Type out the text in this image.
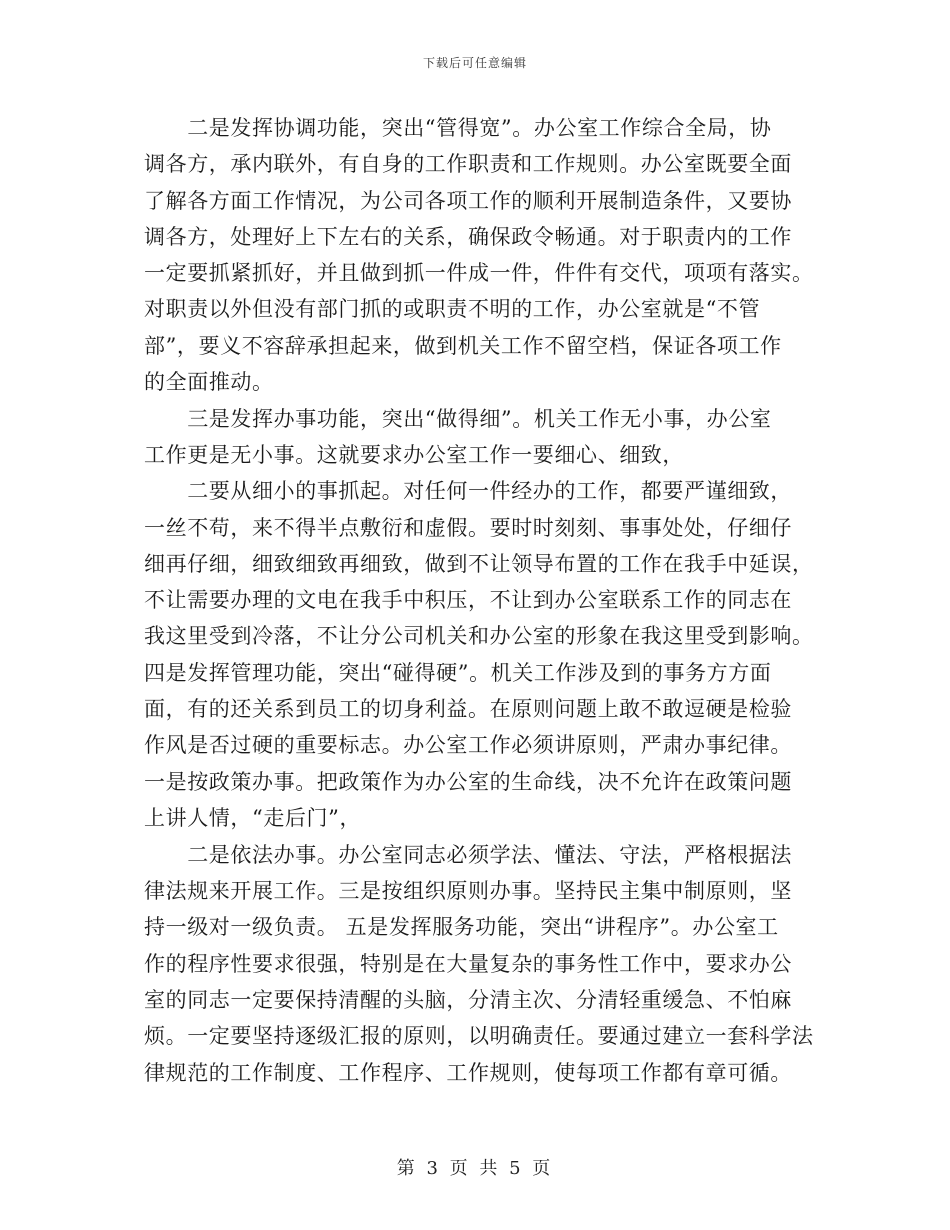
下载后可任意编辑
　　二是发挥协调功能，突出“管得宽”。办公室工作综合全局，协
调各方，承内联外，有自身的工作职责和工作规则。办公室既要全面
了解各方面工作情况，为公司各项工作的顺利开展制造条件，又要协
调各方，处理好上下左右的关系，确保政令畅通。对于职责内的工作
一定要抓紧抓好，并且做到抓一件成一件，件件有交代，项项有落实。
对职责以外但没有部门抓的或职责不明的工作，办公室就是“不管
部”，要义不容辞承担起来，做到机关工作不留空档，保证各项工作
的全面推动。
　　三是发挥办事功能，突出“做得细”。机关工作无小事，办公室
工作更是无小事。这就要求办公室工作一要细心、细致，
　　二要从细小的事抓起。对任何一件经办的工作，都要严谨细致，
一丝不苟，来不得半点敷衍和虚假。要时时刻刻、事事处处，仔细仔
细再仔细，细致细致再细致，做到不让领导布置的工作在我手中延误，
不让需要办理的文电在我手中积压，不让到办公室联系工作的同志在
我这里受到冷落，不让分公司机关和办公室的形象在我这里受到影响。
四是发挥管理功能，突出“碰得硬”。机关工作涉及到的事务方方面
面，有的还关系到员工的切身利益。在原则问题上敢不敢逗硬是检验
作风是否过硬的重要标志。办公室工作必须讲原则，严肃办事纪律。
一是按政策办事。把政策作为办公室的生命线，决不允许在政策问题
上讲人情，“走后门”，
　　二是依法办事。办公室同志必须学法、懂法、守法，严格根据法
律法规来开展工作。三是按组织原则办事。坚持民主集中制原则，坚
持一级对一级负责。 五是发挥服务功能，突出“讲程序”。办公室工
作的程序性要求很强，特别是在大量复杂的事务性工作中，要求办公
室的同志一定要保持清醒的头脑，分清主次、分清轻重缓急、不怕麻
烦。一定要坚持逐级汇报的原则，以明确责任。要通过建立一套科学法
律规范的工作制度、工作程序、工作规则，使每项工作都有章可循。
第 3 页 共 5 页
